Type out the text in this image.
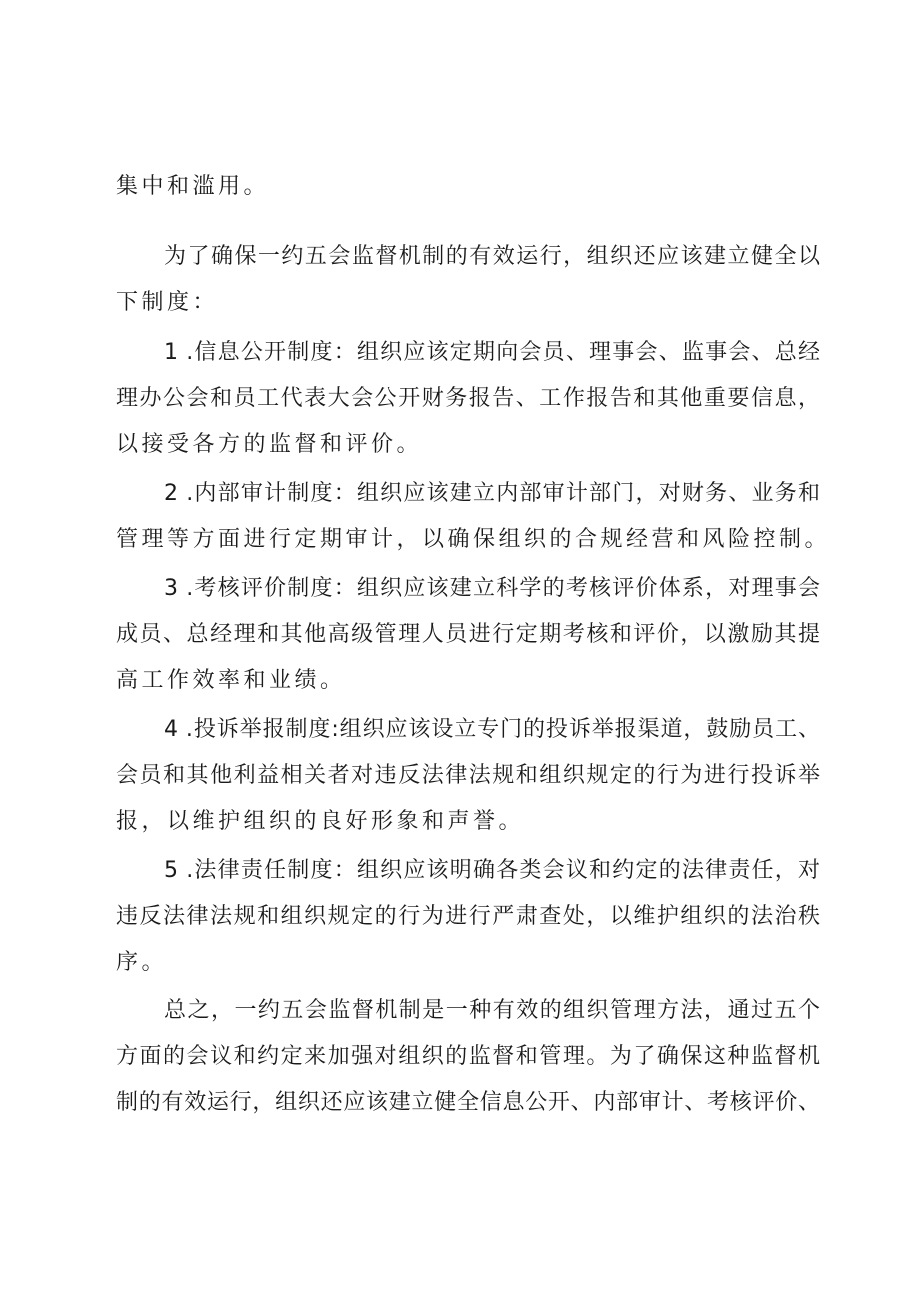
集中和滥用。
为了确保一约五会监督机制的有效运行，组织还应该建立健全以
下制度：
1 .信息公开制度：组织应该定期向会员、理事会、监事会、总经
理办公会和员工代表大会公开财务报告、工作报告和其他重要信息，
以接受各方的监督和评价。
2 .内部审计制度：组织应该建立内部审计部门，对财务、业务和
管理等方面进行定期审计，以确保组织的合规经营和风险控制。
3 .考核评价制度：组织应该建立科学的考核评价体系，对理事会
成员、总经理和其他高级管理人员进行定期考核和评价，以激励其提
高工作效率和业绩。
4 .投诉举报制度:组织应该设立专门的投诉举报渠道，鼓励员工、
会员和其他利益相关者对违反法律法规和组织规定的行为进行投诉举
报，以维护组织的良好形象和声誉。
5 .法律责任制度：组织应该明确各类会议和约定的法律责任，对
违反法律法规和组织规定的行为进行严肃查处，以维护组织的法治秩
序。
总之，一约五会监督机制是一种有效的组织管理方法，通过五个
方面的会议和约定来加强对组织的监督和管理。为了确保这种监督机
制的有效运行，组织还应该建立健全信息公开、内部审计、考核评价、
